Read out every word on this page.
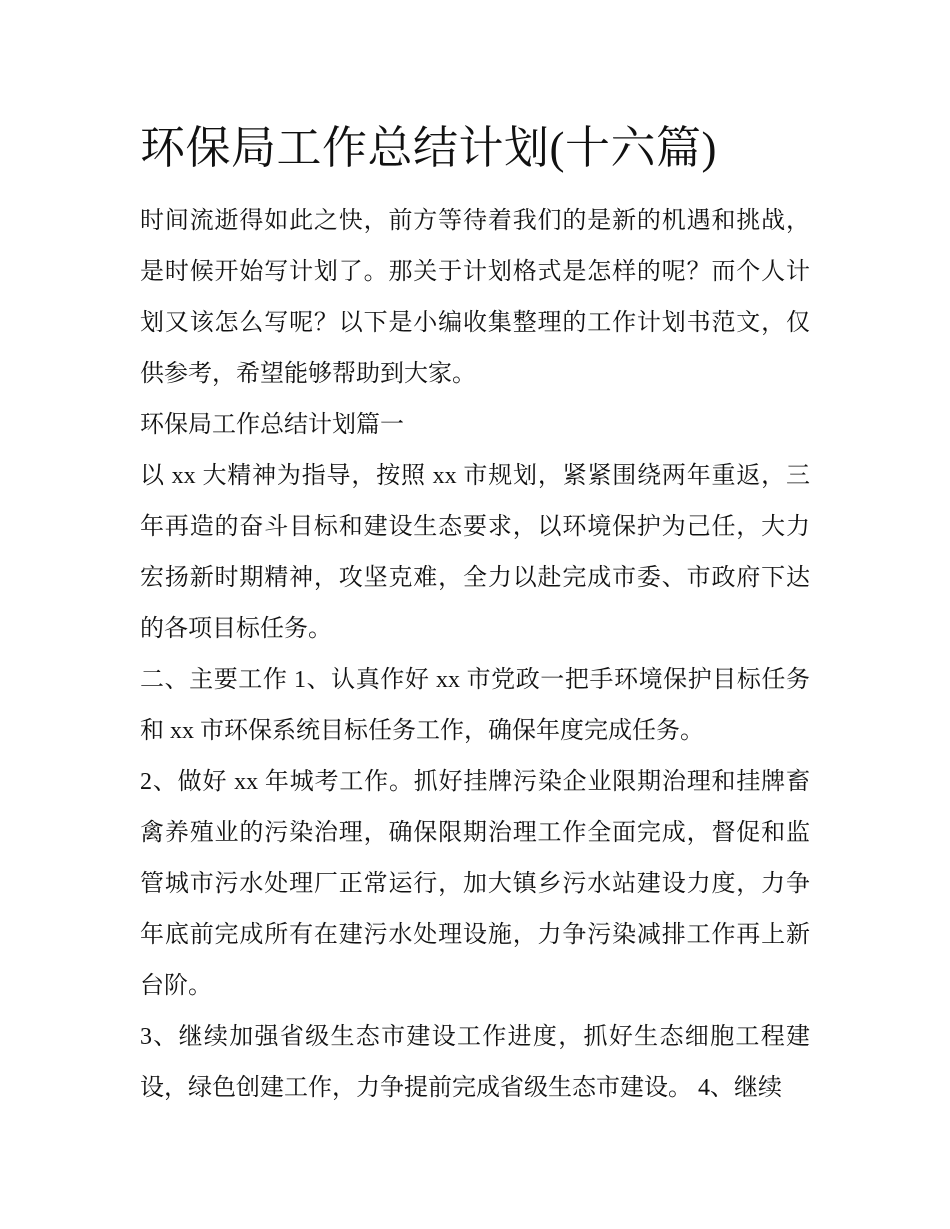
环保局工作总结计划(十六篇)
时间流逝得如此之快，前方等待着我们的是新的机遇和挑战，
是时候开始写计划了。那关于计划格式是怎样的呢？而个人计
划又该怎么写呢？以下是小编收集整理的工作计划书范文，仅
供参考，希望能够帮助到大家。
环保局工作总结计划篇一
以 xx 大精神为指导，按照 xx 市规划，紧紧围绕两年重返，三
年再造的奋斗目标和建设生态要求，以环境保护为己任，大力
宏扬新时期精神，攻坚克难，全力以赴完成市委、市政府下达
的各项目标任务。
二、主要工作 1、认真作好 xx 市党政一把手环境保护目标任务
和 xx 市环保系统目标任务工作，确保年度完成任务。
2、做好 xx 年城考工作。抓好挂牌污染企业限期治理和挂牌畜
禽养殖业的污染治理，确保限期治理工作全面完成，督促和监
管城市污水处理厂正常运行，加大镇乡污水站建设力度，力争
年底前完成所有在建污水处理设施，力争污染减排工作再上新
台阶。
3、继续加强省级生态市建设工作进度，抓好生态细胞工程建
设，绿色创建工作，力争提前完成省级生态市建设。 4、继续
